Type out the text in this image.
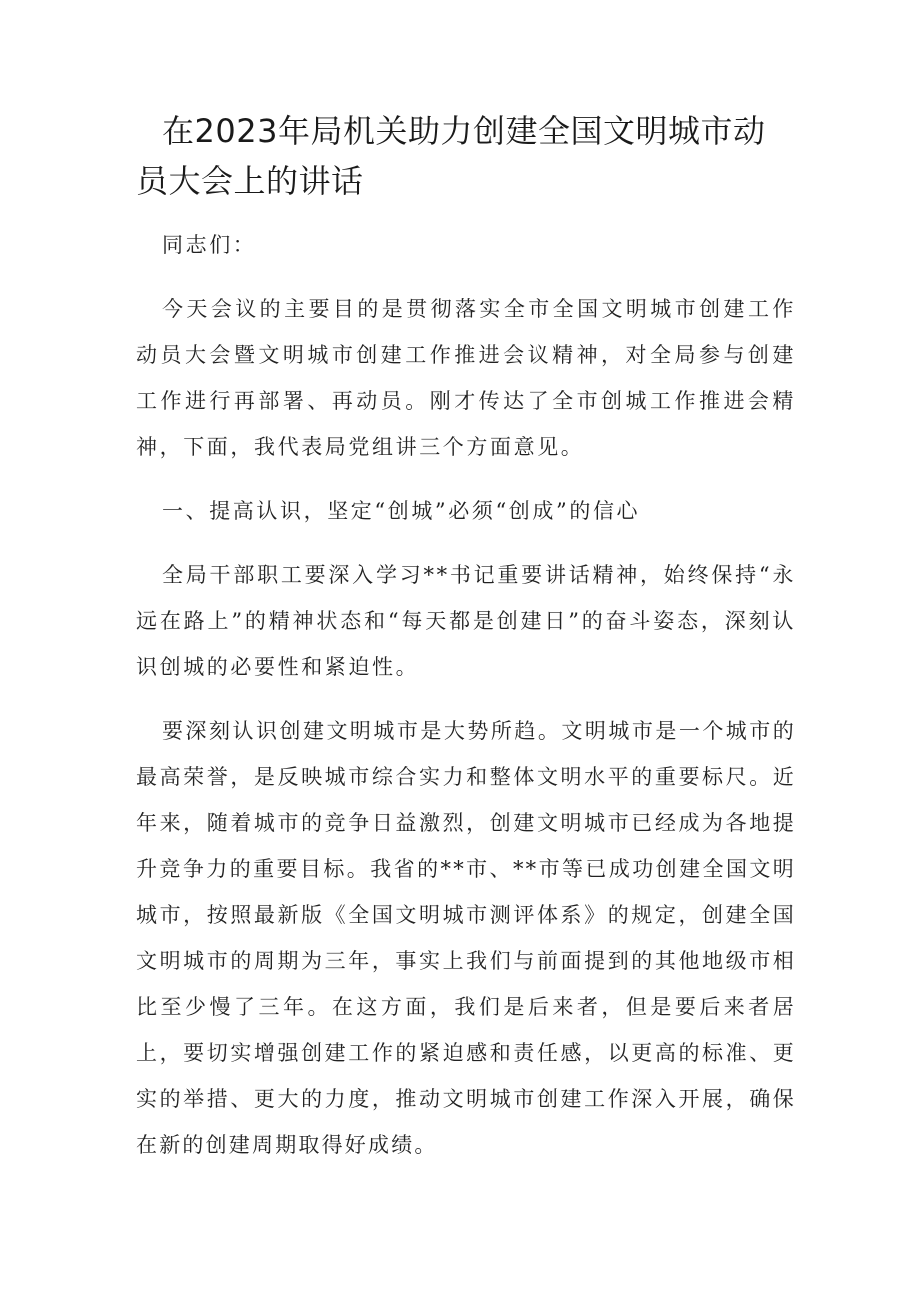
在2023年局机关助力创建全国文明城市动员大会上的讲话

同志们：

今天会议的主要目的是贯彻落实全市全国文明城市创建工作动员大会暨文明城市创建工作推进会议精神，对全局参与创建工作进行再部署、再动员。刚才传达了全市创城工作推进会精神，下面，我代表局党组讲三个方面意见。

一、提高认识，坚定“创城”必须“创成”的信心

全局干部职工要深入学习**书记重要讲话精神，始终保持“永远在路上”的精神状态和“每天都是创建日”的奋斗姿态，深刻认识创城的必要性和紧迫性。

要深刻认识创建文明城市是大势所趋。文明城市是一个城市的最高荣誉，是反映城市综合实力和整体文明水平的重要标尺。近年来，随着城市的竞争日益激烈，创建文明城市已经成为各地提升竞争力的重要目标。我省的**市、**市等已成功创建全国文明城市，按照最新版《全国文明城市测评体系》的规定，创建全国文明城市的周期为三年，事实上我们与前面提到的其他地级市相比至少慢了三年。在这方面，我们是后来者，但是要后来者居上，要切实增强创建工作的紧迫感和责任感，以更高的标准、更实的举措、更大的力度，推动文明城市创建工作深入开展，确保在新的创建周期取得好成绩。
